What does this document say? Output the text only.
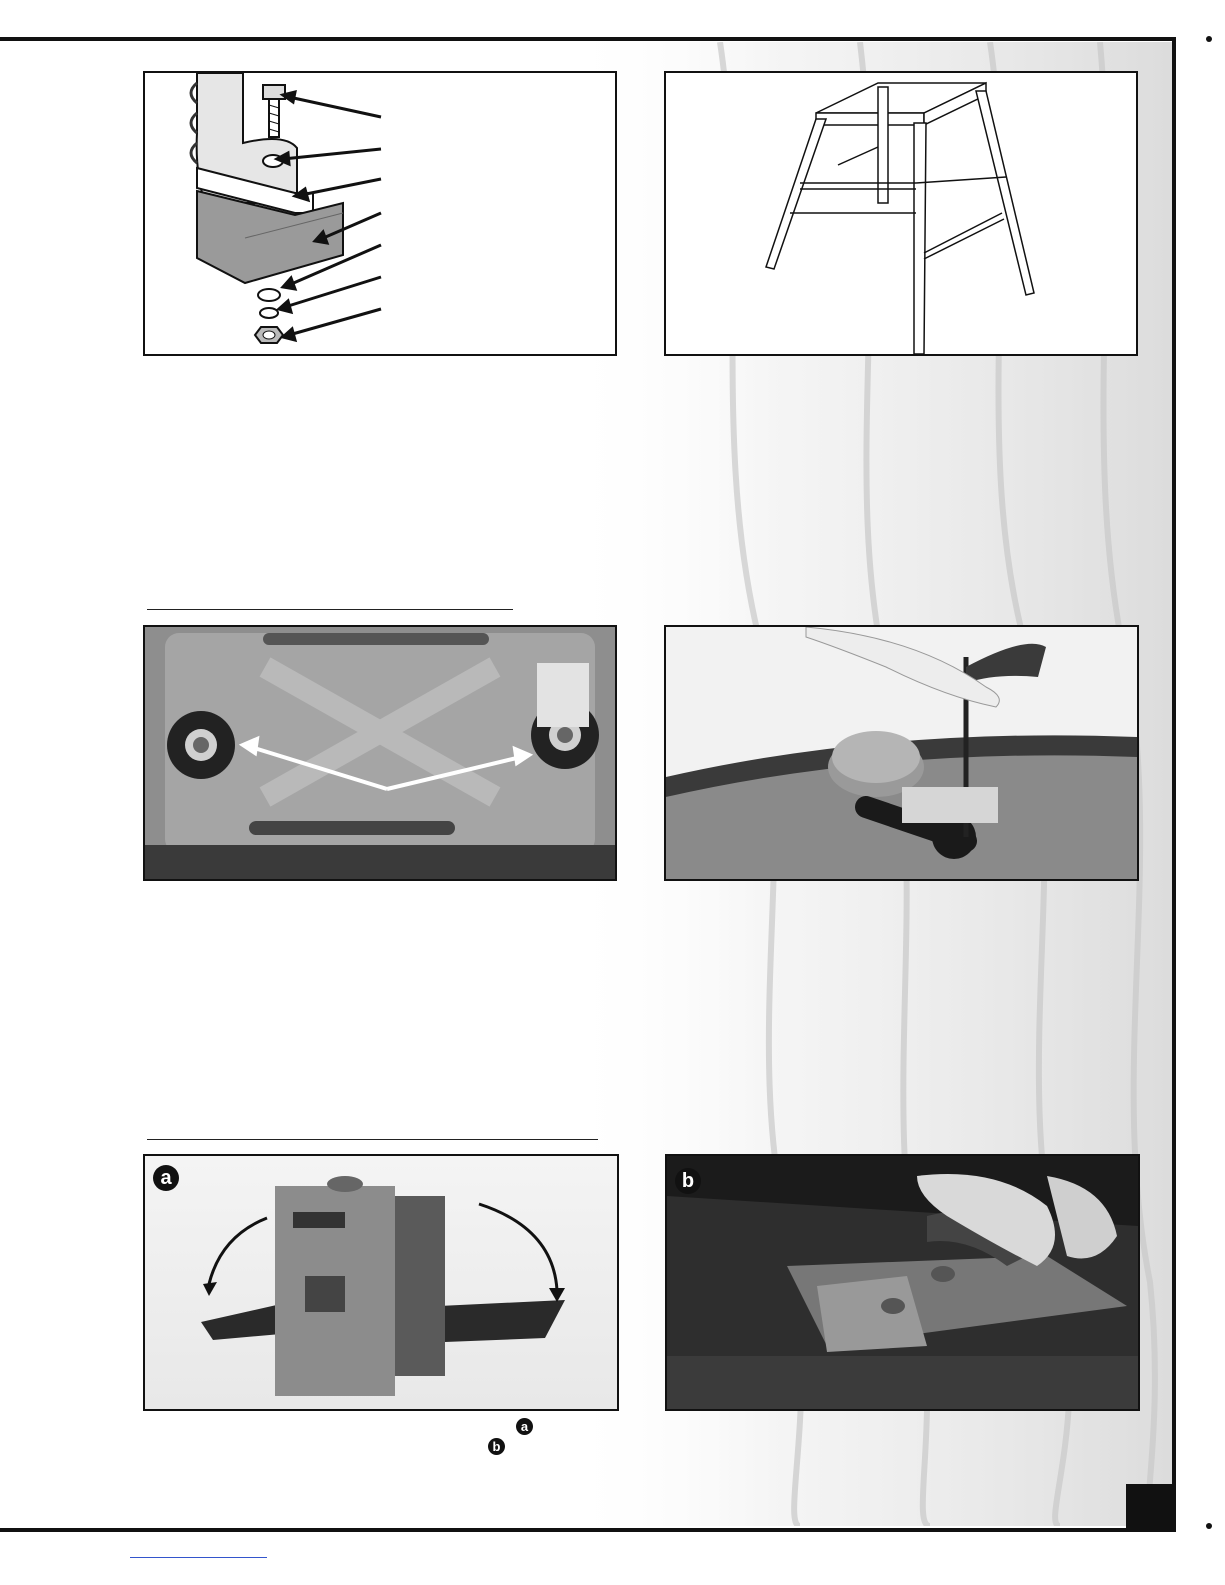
a	b
a
b
